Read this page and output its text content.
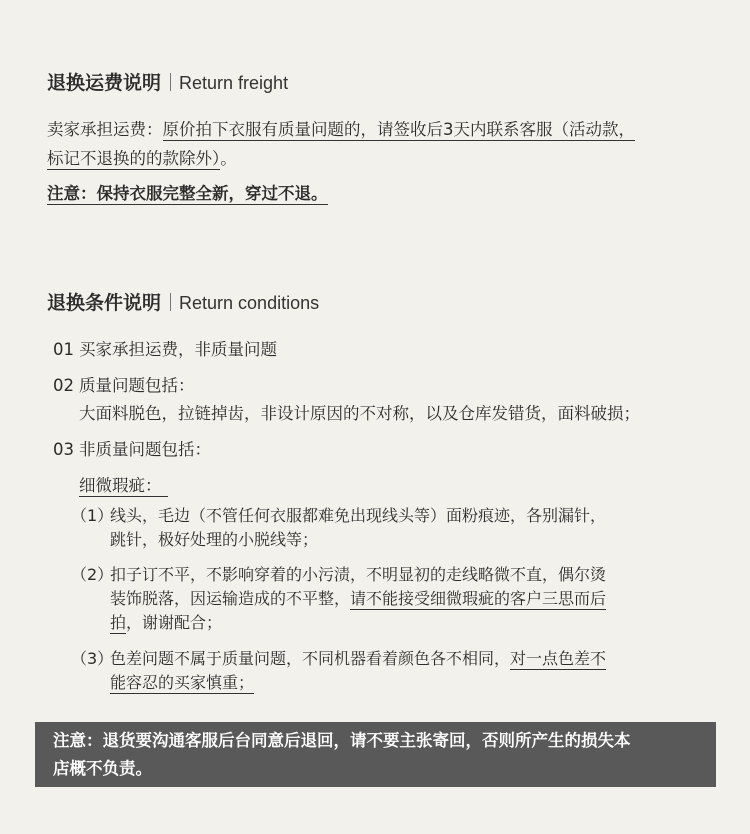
退换运费说明 Return freight
卖家承担运费：原价拍下衣服有质量问题的，请签收后3天内联系客服（活动款，
标记不退换的的款除外）。
注意：保持衣服完整全新，穿过不退。
退换条件说明 Return conditions
01 买家承担运费，非质量问题
02 质量问题包括：
大面料脱色，拉链掉齿，非设计原因的不对称，以及仓库发错货，面料破损；
03 非质量问题包括：
细微瑕疵：
（1）线头，毛边（不管任何衣服都难免出现线头等）面粉痕迹，各别漏针，
跳针，极好处理的小脱线等；
（2）扣子订不平，不影响穿着的小污渍，不明显初的走线略微不直，偶尔烫
装饰脱落，因运输造成的不平整，请不能接受细微瑕疵的客户三思而后
拍，谢谢配合；
（3）色差问题不属于质量问题，不同机器看着颜色各不相同，对一点色差不
能容忍的买家慎重；
注意：退货要沟通客服后台同意后退回，请不要主张寄回，否则所产生的损失本
店概不负责。
